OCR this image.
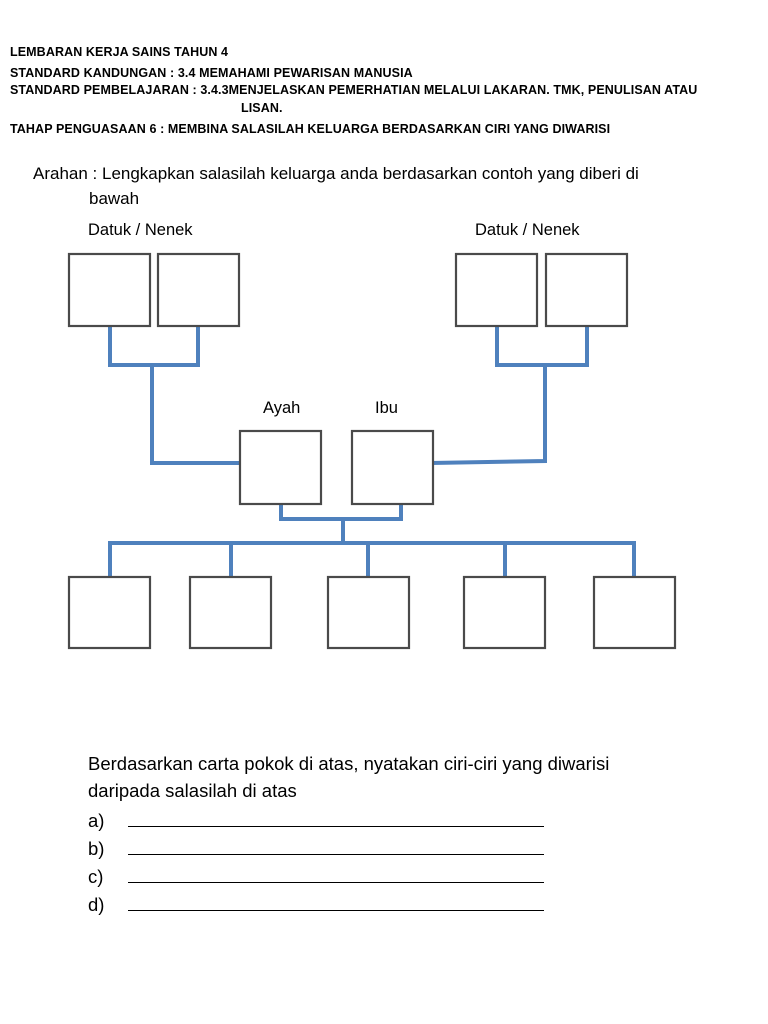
LEMBARAN KERJA SAINS TAHUN 4
STANDARD KANDUNGAN : 3.4 MEMAHAMI PEWARISAN MANUSIA
STANDARD PEMBELAJARAN : 3.4.3MENJELASKAN PEMERHATIAN MELALUI LAKARAN. TMK, PENULISAN ATAU
LISAN.
TAHAP PENGUASAAN 6 : MEMBINA SALASILAH KELUARGA BERDASARKAN CIRI YANG DIWARISI
Arahan : Lengkapkan salasilah keluarga anda berdasarkan contoh yang diberi di
bawah
Datuk / Nenek	Datuk / Nenek
Ayah	Ibu
Berdasarkan carta pokok di atas, nyatakan ciri-ciri yang diwarisi
daripada salasilah di atas
a)
b)
c)
d)
